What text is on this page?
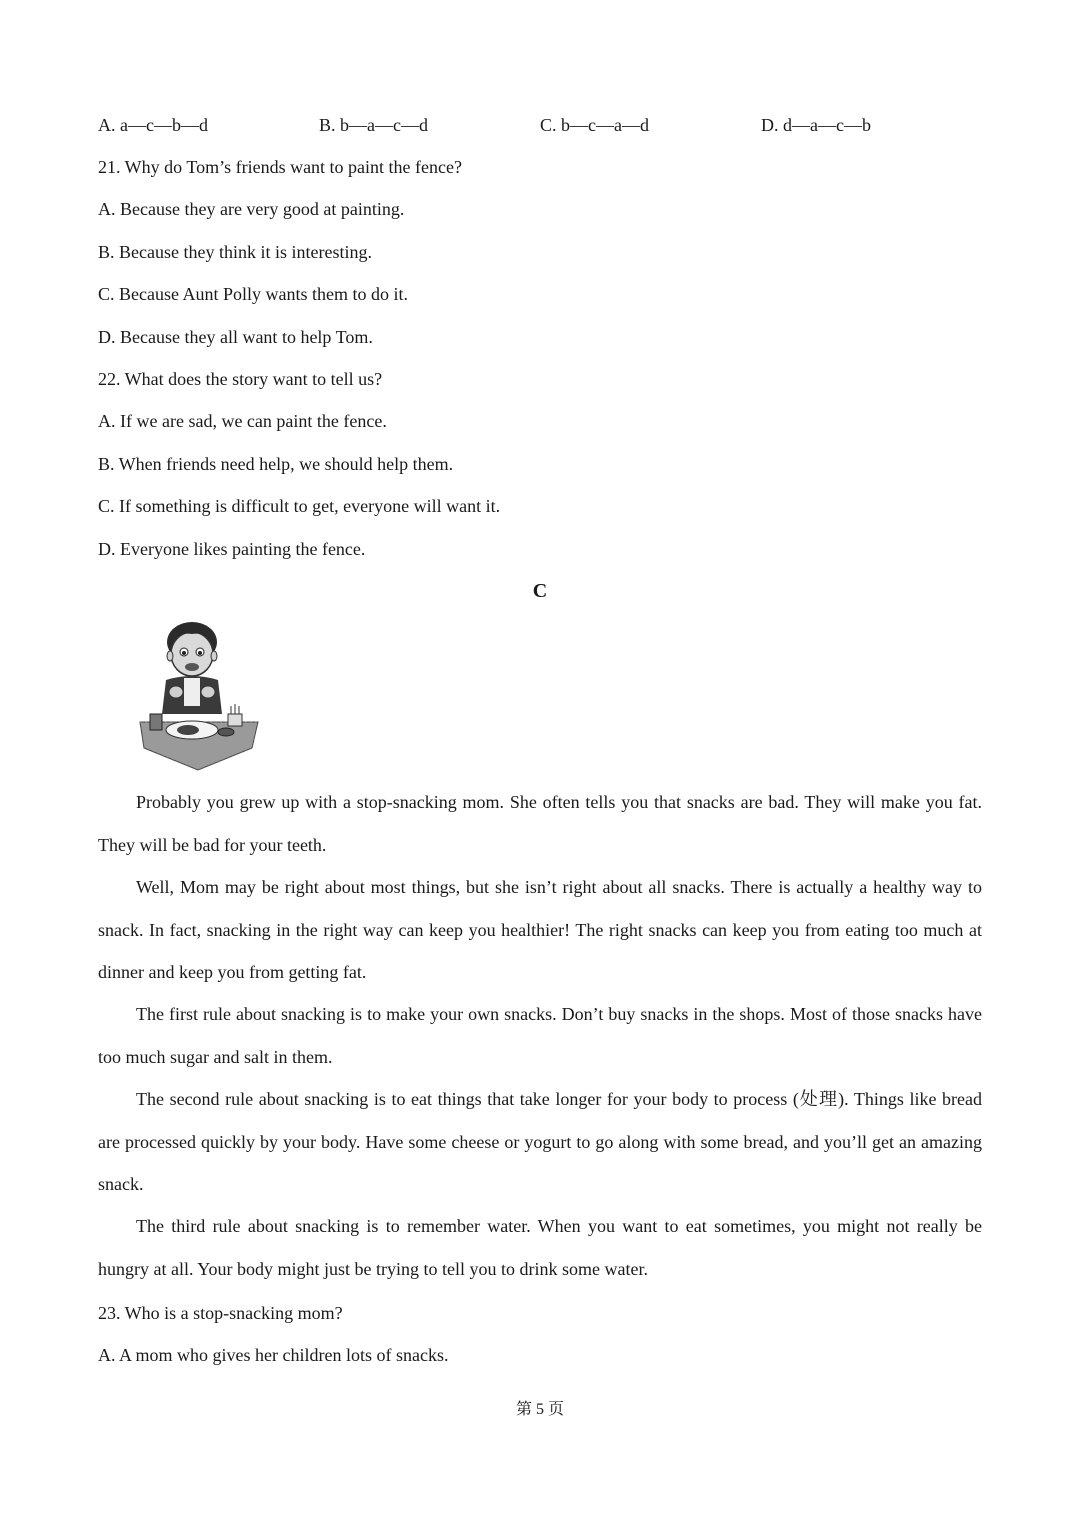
A. a—c—b—d	B. b—a—c—d	C. b—c—a—d	D. d—a—c—b
21. Why do Tom’s friends want to paint the fence?
A. Because they are very good at painting.
B. Because they think it is interesting.
C. Because Aunt Polly wants them to do it.
D. Because they all want to help Tom.
22. What does the story want to tell us?
A. If we are sad, we can paint the fence.
B. When friends need help, we should help them.
C. If something is difficult to get, everyone will want it.
D. Everyone likes painting the fence.
C

Probably you grew up with a stop-snacking mom. She often tells you that snacks are bad. They will make you fat. They will be bad for your teeth.

Well, Mom may be right about most things, but she isn’t right about all snacks. There is actually a healthy way to snack. In fact, snacking in the right way can keep you healthier! The right snacks can keep you from eating too much at dinner and keep you from getting fat.

The first rule about snacking is to make your own snacks. Don’t buy snacks in the shops. Most of those snacks have too much sugar and salt in them.

The second rule about snacking is to eat things that take longer for your body to process (处理). Things like bread are processed quickly by your body. Have some cheese or yogurt to go along with some bread, and you’ll get an amazing snack.

The third rule about snacking is to remember water. When you want to eat sometimes, you might not really be hungry at all. Your body might just be trying to tell you to drink some water.

23. Who is a stop-snacking mom?
A. A mom who gives her children lots of snacks.
第 5 页
